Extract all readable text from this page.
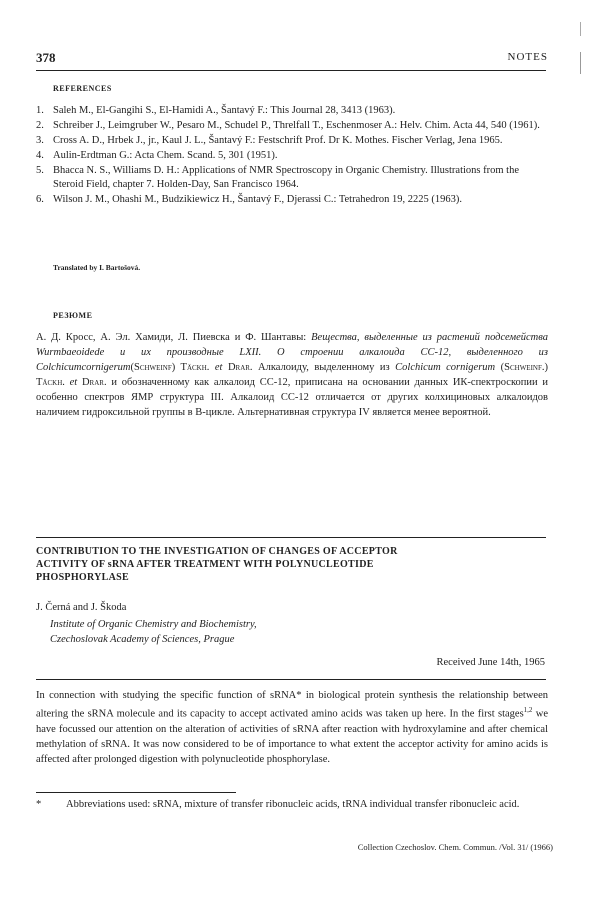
378	NOTES
REFERENCES
1. Saleh M., El-Gangihi S., El-Hamidi A., Šantavý F.: This Journal 28, 3413 (1963).
2. Schreiber J., Leimgruber W., Pesaro M., Schudel P., Threlfall T., Eschenmoser A.: Helv. Chim. Acta 44, 540 (1961).
3. Cross A. D., Hrbek J., jr., Kaul J. L., Šantavý F.: Festschrift Prof. Dr K. Mothes. Fischer Verlag, Jena 1965.
4. Aulin-Erdtman G.: Acta Chem. Scand. 5, 301 (1951).
5. Bhacca N. S., Williams D. H.: Applications of NMR Spectroscopy in Organic Chemistry. Illustrations from the Steroid Field, chapter 7. Holden-Day, San Francisco 1964.
6. Wilson J. M., Ohashi M., Budzikiewicz H., Šantavý F., Djerassi C.: Tetrahedron 19, 2225 (1963).
Translated by I. Bartošová.
РЕЗЮМЕ
А. Д. Кросс, А. Эл. Хамиди, Л. Пиевска и Ф. Шантавы: Вещества, выделенные из растений подсемейства Wurmbaeoidede и их производные LXII. О строении алкалоида CC-12, выделенного из Colchicumcornigerum(Schweinf) Täckh. et Drar. Алкалоиду, выделенному из Colchicum cornigerum (Schweinf.) Täckh. et Drar. и обозначенному как алкалоид CC-12, приписана на основании данных ИК-спектроскопии и особенно спектров ЯМР структура III. Алкалоид CC-12 отличается от других колхициновых алкалоидов наличием гидроксильной группы в B-цикле. Альтернативная структура IV является менее вероятной.
CONTRIBUTION TO THE INVESTIGATION OF CHANGES OF ACCEPTOR ACTIVITY OF sRNA AFTER TREATMENT WITH POLYNUCLEOTIDE PHOSPHORYLASE
J. Černá and J. Škoda
Institute of Organic Chemistry and Biochemistry,
Czechoslovak Academy of Sciences, Prague
Received June 14th, 1965
In connection with studying the specific function of sRNA* in biological protein synthesis the relationship between altering the sRNA molecule and its capacity to accept activated amino acids was taken up here. In the first stages$^{1,2}$ we have focussed our attention on the alteration of activities of sRNA after reaction with hydroxylamine and after chemical methylation of sRNA. It was now considered to be of importance to what extent the acceptor activity for amino acids is affected after prolonged digestion with polynucleotide phosphorylase.
* Abbreviations used: sRNA, mixture of transfer ribonucleic acids, tRNA individual transfer ribonucleic acid.
Collection Czechoslov. Chem. Commun. /Vol. 31/ (1966)
